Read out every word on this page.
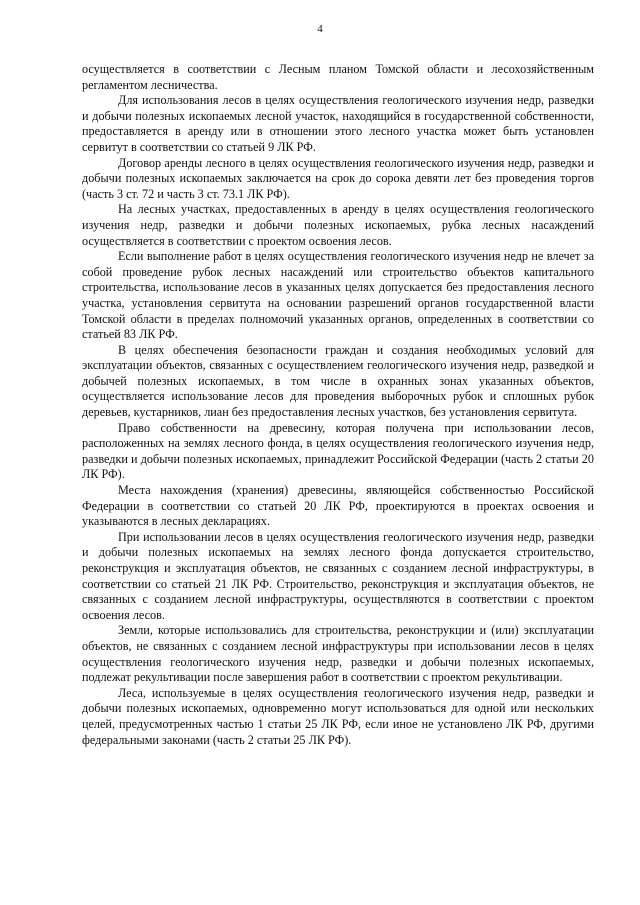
4

осуществляется в соответствии с Лесным планом Томской области и лесохозяйственным регламентом лесничества.

Для использования лесов в целях осуществления геологического изучения недр, разведки и добычи полезных ископаемых лесной участок, находящийся в государственной собственности, предоставляется в аренду или в отношении этого лесного участка может быть установлен сервитут в соответствии со статьей 9 ЛК РФ.

Договор аренды лесного в целях осуществления геологического изучения недр, разведки и добычи полезных ископаемых заключается на срок до сорока девяти лет без проведения торгов (часть 3 ст. 72 и часть 3 ст. 73.1 ЛК РФ).

На лесных участках, предоставленных в аренду в целях осуществления геологического изучения недр, разведки и добычи полезных ископаемых, рубка лесных насаждений осуществляется в соответствии с проектом освоения лесов.

Если выполнение работ в целях осуществления геологического изучения недр не влечет за собой проведение рубок лесных насаждений или строительство объектов капитального строительства, использование лесов в указанных целях допускается без предоставления лесного участка, установления сервитута на основании разрешений органов государственной власти Томской области в пределах полномочий указанных органов, определенных в соответствии со статьей 83 ЛК РФ.

В целях обеспечения безопасности граждан и создания необходимых условий для эксплуатации объектов, связанных с осуществлением геологического изучения недр, разведкой и добычей полезных ископаемых, в том числе в охранных зонах указанных объектов, осуществляется использование лесов для проведения выборочных рубок и сплошных рубок деревьев, кустарников, лиан без предоставления лесных участков, без установления сервитута.

Право собственности на древесину, которая получена при использовании лесов, расположенных на землях лесного фонда, в целях осуществления геологического изучения недр, разведки и добычи полезных ископаемых, принадлежит Российской Федерации (часть 2 статьи 20 ЛК РФ).

Места нахождения (хранения) древесины, являющейся собственностью Российской Федерации в соответствии со статьей 20 ЛК РФ, проектируются в проектах освоения и указываются в лесных декларациях.

При использовании лесов в целях осуществления геологического изучения недр, разведки и добычи полезных ископаемых на землях лесного фонда допускается строительство, реконструкция и эксплуатация объектов, не связанных с созданием лесной инфраструктуры, в соответствии со статьей 21 ЛК РФ. Строительство, реконструкция и эксплуатация объектов, не связанных с созданием лесной инфраструктуры, осуществляются в соответствии с проектом освоения лесов.

Земли, которые использовались для строительства, реконструкции и (или) эксплуатации объектов, не связанных с созданием лесной инфраструктуры при использовании лесов в целях осуществления геологического изучения недр, разведки и добычи полезных ископаемых, подлежат рекультивации после завершения работ в соответствии с проектом рекультивации.

Леса, используемые в целях осуществления геологического изучения недр, разведки и добычи полезных ископаемых, одновременно могут использоваться для одной или нескольких целей, предусмотренных частью 1 статьи 25 ЛК РФ, если иное не установлено ЛК РФ, другими федеральными законами (часть 2 статьи 25 ЛК РФ).
